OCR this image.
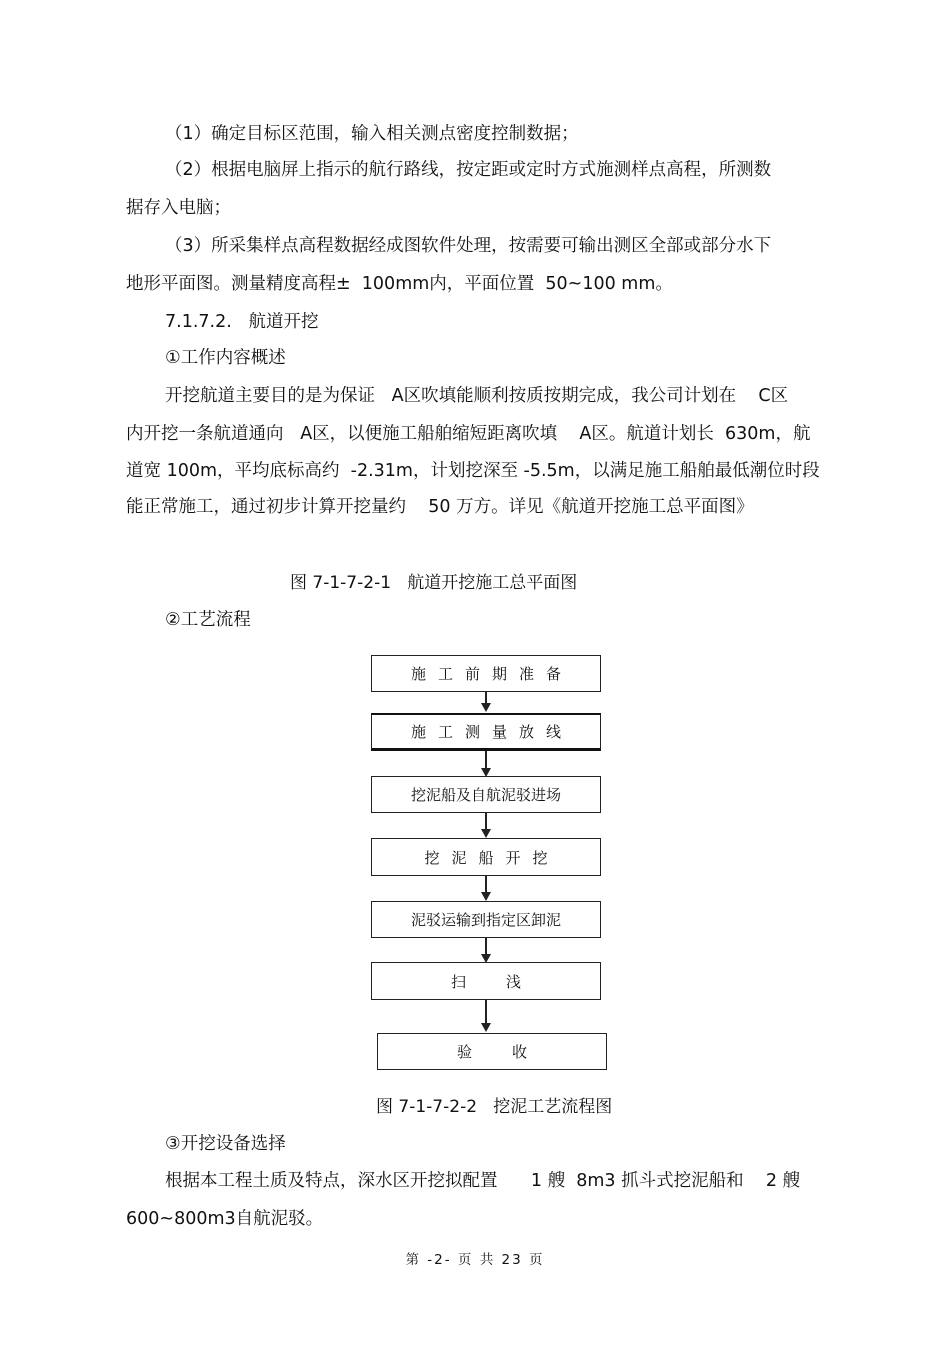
（1）确定目标区范围，输入相关测点密度控制数据；
（2）根据电脑屏上指示的航行路线，按定距或定时方式施测样点高程，所测数
据存入电脑；
（3）所采集样点高程数据经成图软件处理，按需要可输出测区全部或部分水下
地形平面图。测量精度高程±  100mm内，平面位置  50~100 mm。
7.1.7.2.   航道开挖
①工作内容概述
开挖航道主要目的是为保证   A区吹填能顺利按质按期完成，我公司计划在    C区
内开挖一条航道通向   A区，以便施工船舶缩短距离吹填    A区。航道计划长  630m，航
道宽 100m，平均底标高约  -2.31m，计划挖深至 -5.5m，以满足施工船舶最低潮位时段
能正常施工，通过初步计算开挖量约    50 万方。详见《航道开挖施工总平面图》
图 7-1-7-2-1   航道开挖施工总平面图
②工艺流程
施工前期准备
施工测量放线
挖泥船及自航泥驳进场
挖泥船开挖
泥驳运输到指定区卸泥
扫浅
验收
图 7-1-7-2-2   挖泥工艺流程图
③开挖设备选择
根据本工程土质及特点，深水区开挖拟配置      1 艘  8m3 抓斗式挖泥船和    2 艘
600~800m3自航泥驳。
第 -2- 页 共 23 页
